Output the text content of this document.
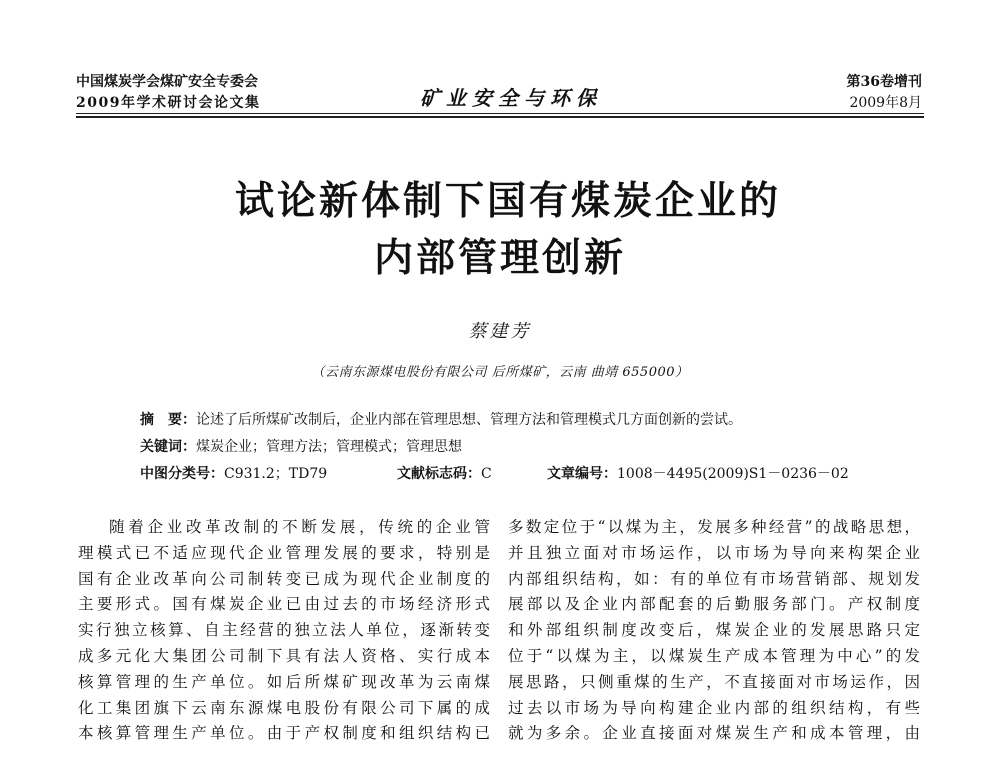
中国煤炭学会煤矿安全专委会
2009年学术研讨会论文集	矿业安全与环保
第36卷增刊
2009年8月
试论新体制下国有煤炭企业的
内部管理创新
蔡建芳
（云南东源煤电股份有限公司 后所煤矿，云南 曲靖 655000）
摘　要：论述了后所煤矿改制后，企业内部在管理思想、管理方法和管理模式几方面创新的尝试。
关键词：煤炭企业；管理方法；管理模式；管理思想
中图分类号：C931.2；TD79	文献标志码：C	文章编号：1008－4495(2009)S1－0236－02
随着企业改革改制的不断发展，传统的企业管
理模式已不适应现代企业管理发展的要求，特别是
国有企业改革向公司制转变已成为现代企业制度的
主要形式。国有煤炭企业已由过去的市场经济形式
实行独立核算、自主经营的独立法人单位，逐渐转变
成多元化大集团公司制下具有法人资格、实行成本
核算管理的生产单位。如后所煤矿现改革为云南煤
化工集团旗下云南东源煤电股份有限公司下属的成
本核算管理生产单位。由于产权制度和组织结构已
多数定位于“以煤为主，发展多种经营”的战略思想，
并且独立面对市场运作，以市场为导向来构架企业
内部组织结构，如：有的单位有市场营销部、规划发
展部以及企业内部配套的后勤服务部门。产权制度
和外部组织制度改变后，煤炭企业的发展思路只定
位于“以煤为主，以煤炭生产成本管理为中心”的发
展思路，只侧重煤的生产，不直接面对市场运作，因
过去以市场为导向构建企业内部的组织结构，有些
就为多余。企业直接面对煤炭生产和成本管理，由
